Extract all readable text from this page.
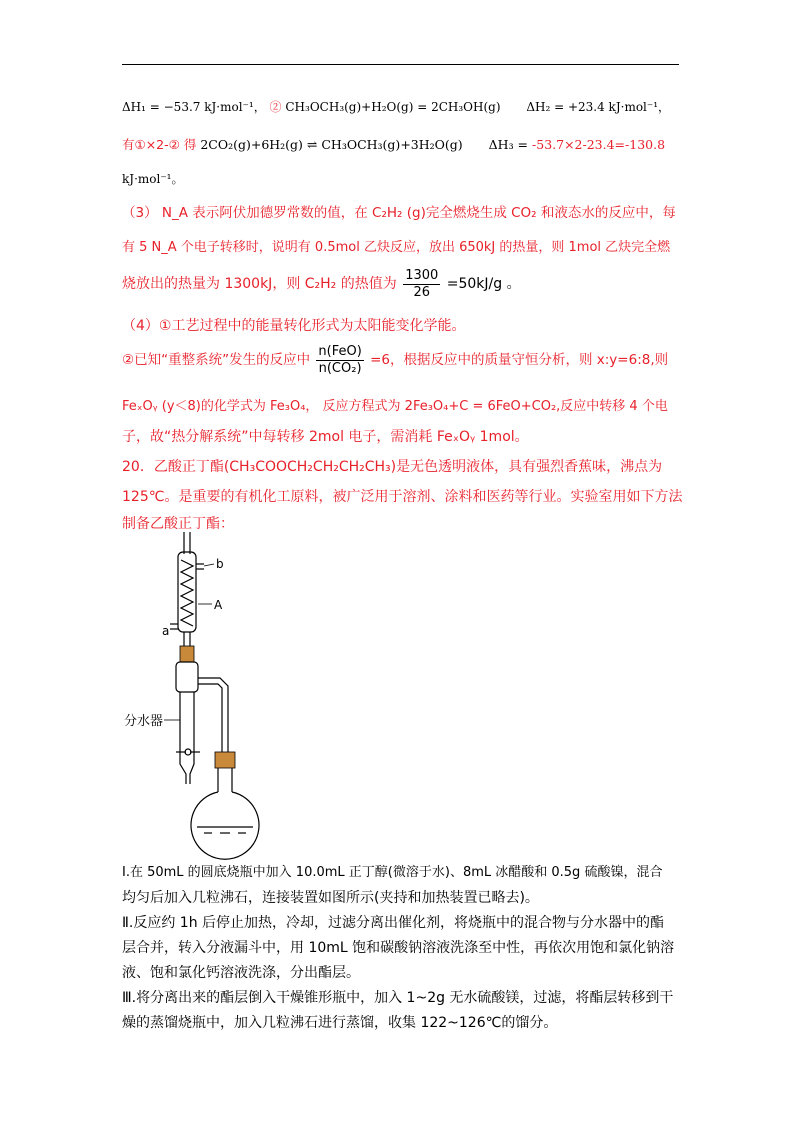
ΔH₁ = −53.7 kJ·mol⁻¹， ② CH₃OCH₃(g)+H₂O(g) = 2CH₃OH(g) ΔH₂ = +23.4 kJ·mol⁻¹，
有①×2-② 得 2CO₂(g)+6H₂(g) ⇌ CH₃OCH₃(g)+3H₂O(g) ΔH₃ = -53.7×2-23.4=-130.8
kJ·mol⁻¹。
（3） N_A 表示阿伏加德罗常数的值，在 C₂H₂ (g)完全燃烧生成 CO₂ 和液态水的反应中，每
有 5 N_A 个电子转移时，说明有 0.5mol 乙炔反应，放出 650kJ 的热量，则 1mol 乙炔完全燃
烧放出的热量为 1300kJ，则 C₂H₂ 的热值为 $\frac{1300}{26} =50kJ/g$ 。
（4）①工艺过程中的能量转化形式为太阳能变化学能。
②已知“重整系统”发生的反应中 $\frac{\text{n(FeO)}}{\text{n(CO₂)}} =6$，根据反应中的质量守恒分析，则 x:y=6:8,则
FeₓOᵧ (y＜8)的化学式为 Fe₃O₄， 反应方程式为 2Fe₃O₄+C = 6FeO+CO₂,反应中转移 4 个电
子，故“热分解系统”中每转移 2mol 电子，需消耗 FeₓOᵧ 1mol。
20．乙酸正丁酯(CH₃COOCH₂CH₂CH₂CH₃)是无色透明液体，具有强烈香蕉味，沸点为
125℃。是重要的有机化工原料，被广泛用于溶剂、涂料和医药等行业。实验室用如下方法
制备乙酸正丁酯：
b
A
a
分水器
Ⅰ.在 50mL 的圆底烧瓶中加入 10.0mL 正丁醇(微溶于水)、8mL 冰醋酸和 0.5g 硫酸镍，混合
均匀后加入几粒沸石，连接装置如图所示(夹持和加热装置已略去)。
Ⅱ.反应约 1h 后停止加热，冷却，过滤分离出催化剂，将烧瓶中的混合物与分水器中的酯
层合并，转入分液漏斗中，用 10mL 饱和碳酸钠溶液洗涤至中性，再依次用饱和氯化钠溶
液、饱和氯化钙溶液洗涤，分出酯层。
Ⅲ.将分离出来的酯层倒入干燥锥形瓶中，加入 1~2g 无水硫酸镁，过滤，将酯层转移到干
燥的蒸馏烧瓶中，加入几粒沸石进行蒸馏，收集 122~126℃的馏分。
